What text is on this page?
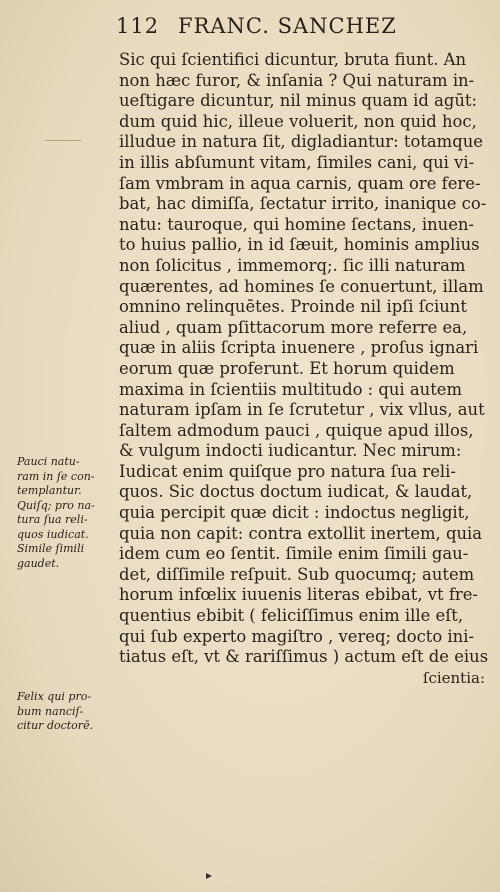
112 FRANC. SANCHEZ
Sic qui ſcientifici dicuntur, bruta fiunt. An
non hæc furor, & inſania ? Qui naturam in-
ueſtigare dicuntur, nil minus quam id agūt:
dum quid hic, illeue voluerit, non quid hoc,
illudue in natura ſit, digladiantur: totamque
in illis abſumunt vitam, ſimiles cani, qui vi-
ſam vmbram in aqua carnis, quam ore fere-
bat, hac dimiſſa, ſectatur irrito, inanique co-
natu: tauroque, qui homine ſectans, inuen-
to huius pallio, in id ſæuit, hominis amplius
non ſolicitus , immemorq;. ſic illi naturam
quærentes, ad homines ſe conuertunt, illam
omnino relinquētes. Proinde nil ipſi ſciunt
aliud , quam pſittacorum more referre ea,
quæ in aliis ſcripta inuenere , proſus ignari
eorum quæ proferunt. Et horum quidem
maxima in ſcientiis multitudo : qui autem
naturam ipſam in ſe ſcrutetur , vix vllus, aut
ſaltem admodum pauci , quique apud illos,
& vulgum indocti iudicantur. Nec mirum:
Iudicat enim quiſque pro natura ſua reli-
quos. Sic doctus doctum iudicat, & laudat,
quia percipit quæ dicit : indoctus negligit,
quia non capit: contra extollit inertem, quia
idem cum eo ſentit. ſimile enim ſimili gau-
det, diſſimile reſpuit. Sub quocumq; autem
horum infœlix iuuenis literas ebibat, vt fre-
quentius ebibit ( feliciſſimus enim ille eſt,
qui ſub experto magiſtro , vereq; docto ini-
tiatus eſt, vt & rariſſimus ) actum eſt de eius
ſcientia:
Pauci natu-
ram in ſe con-
templantur.
Quiſq; pro na-
tura ſua reli-
quos iudicat.
Simile ſimili
gaudet.
Felix qui pro-
bum nanciſ-
citur doctorē.
